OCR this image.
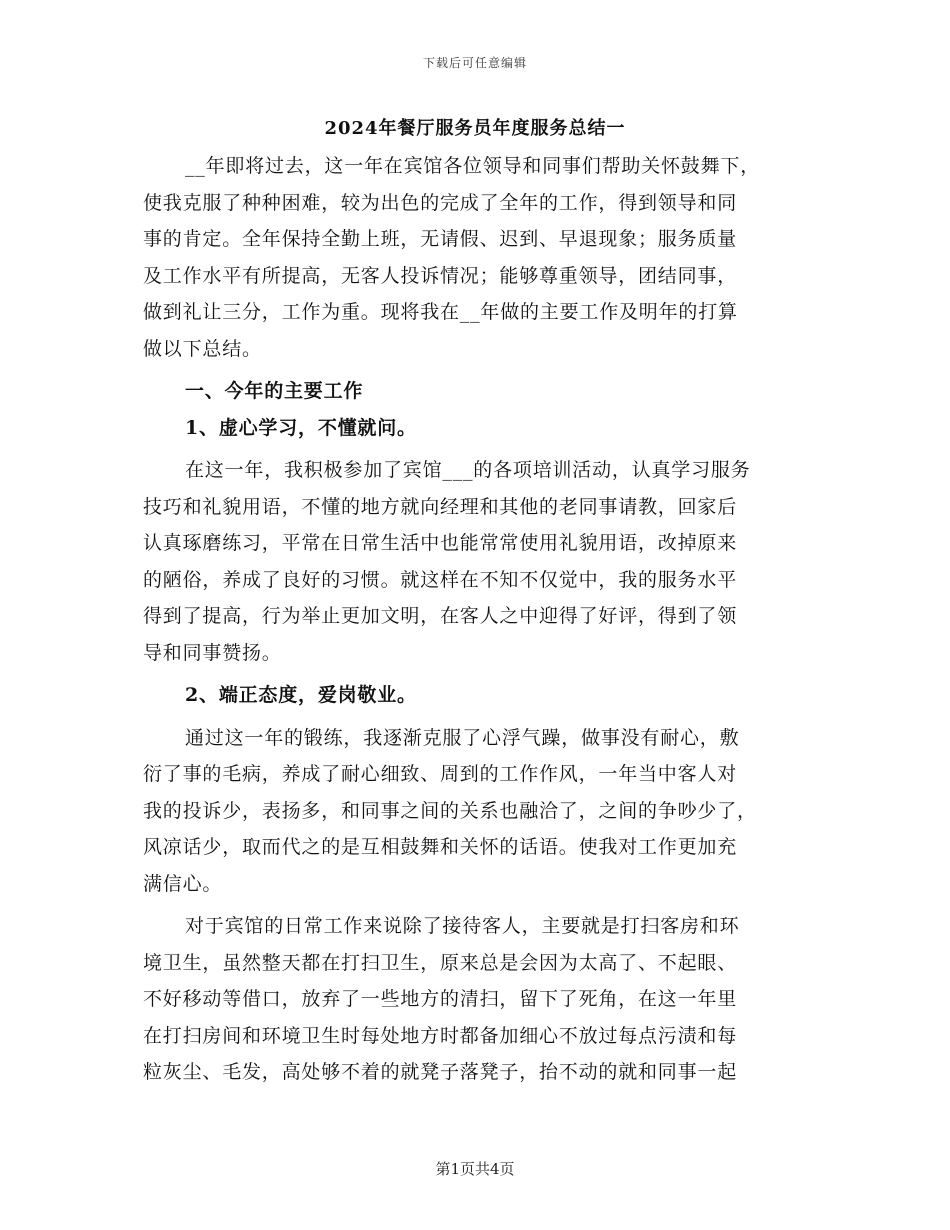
下载后可任意编辑
2024年餐厅服务员年度服务总结一
__年即将过去，这一年在宾馆各位领导和同事们帮助关怀鼓舞下，
使我克服了种种困难，较为出色的完成了全年的工作，得到领导和同
事的肯定。全年保持全勤上班，无请假、迟到、早退现象；服务质量
及工作水平有所提高，无客人投诉情况；能够尊重领导，团结同事，
做到礼让三分，工作为重。现将我在__年做的主要工作及明年的打算
做以下总结。
一、今年的主要工作
1、虚心学习，不懂就问。
在这一年，我积极参加了宾馆___的各项培训活动，认真学习服务
技巧和礼貌用语，不懂的地方就向经理和其他的老同事请教，回家后
认真琢磨练习，平常在日常生活中也能常常使用礼貌用语，改掉原来
的陋俗，养成了良好的习惯。就这样在不知不仅觉中，我的服务水平
得到了提高，行为举止更加文明，在客人之中迎得了好评，得到了领
导和同事赞扬。
2、端正态度，爱岗敬业。
通过这一年的锻练，我逐渐克服了心浮气躁，做事没有耐心，敷
衍了事的毛病，养成了耐心细致、周到的工作作风，一年当中客人对
我的投诉少，表扬多，和同事之间的关系也融洽了，之间的争吵少了，
风凉话少，取而代之的是互相鼓舞和关怀的话语。使我对工作更加充
满信心。
对于宾馆的日常工作来说除了接待客人，主要就是打扫客房和环
境卫生，虽然整天都在打扫卫生，原来总是会因为太高了、不起眼、
不好移动等借口，放弃了一些地方的清扫，留下了死角，在这一年里
在打扫房间和环境卫生时每处地方时都备加细心不放过每点污渍和每
粒灰尘、毛发，高处够不着的就凳子落凳子，抬不动的就和同事一起
第1页共4页
